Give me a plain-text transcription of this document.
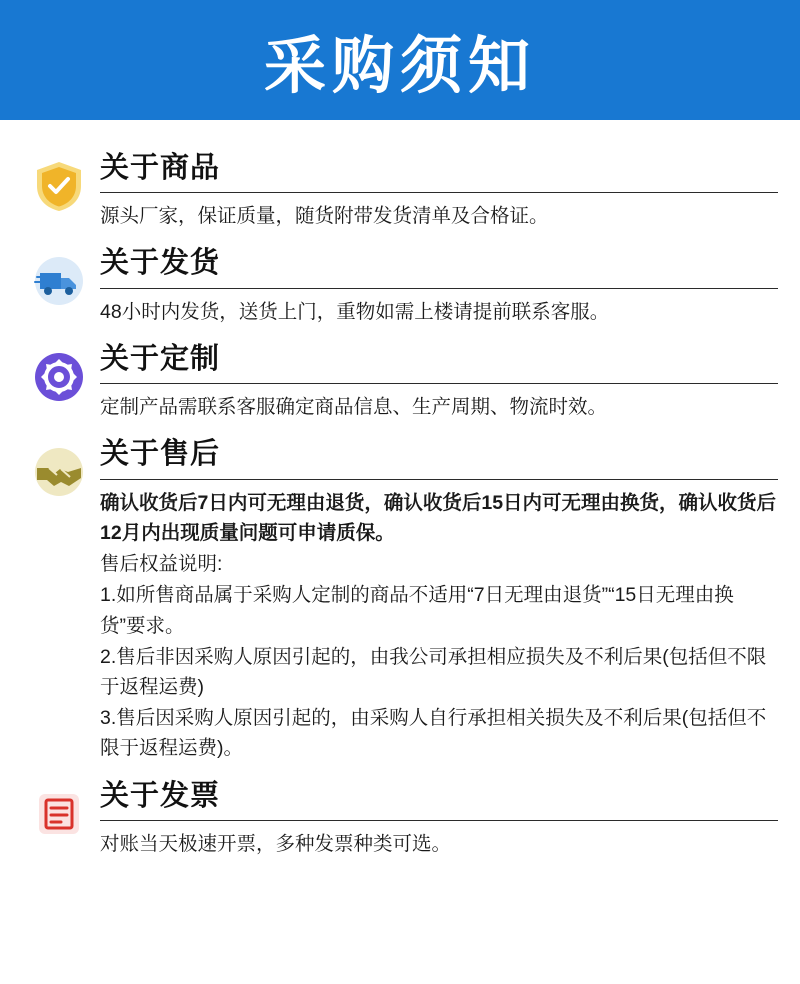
采购须知
关于商品

源头厂家，保证质量，随货附带发货清单及合格证。

关于发货

48小时内发货，送货上门，重物如需上楼请提前联系客服。

关于定制

定制产品需联系客服确定商品信息、生产周期、物流时效。

关于售后

确认收货后7日内可无理由退货，确认收货后15日内可无理由换货，确认收货后12月内出现质量问题可申请质保。

售后权益说明:

1.如所售商品属于采购人定制的商品不适用“7日无理由退货”“15日无理由换货”要求。

2.售后非因采购人原因引起的，由我公司承担相应损失及不利后果(包括但不限于返程运费)

3.售后因采购人原因引起的，由采购人自行承担相关损失及不利后果(包括但不限于返程运费)。

关于发票

对账当天极速开票，多种发票种类可选。
